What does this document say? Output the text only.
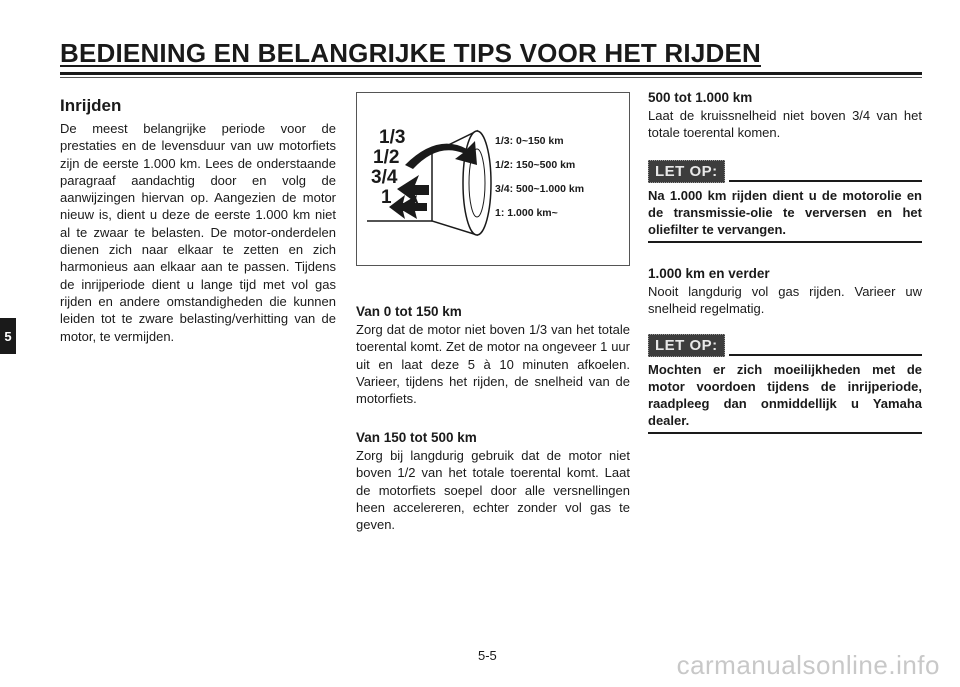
BEDIENING EN BELANGRIJKE TIPS VOOR HET RIJDEN
5
Inrijden

De meest belangrijke periode voor de prestaties en de levensduur van uw motorfiets zijn de eerste 1.000 km. Lees de onderstaande paragraaf aandachtig door en volg de aanwijzingen hiervan op. Aangezien de motor nieuw is, dient u deze de eerste 1.000 km niet al te zwaar te belasten. De motor-onderdelen dienen zich naar elkaar te zetten en zich harmonieus aan elkaar aan te passen. Tijdens de inrijperiode dient u lange tijd met vol gas rijden en andere omstandigheden die kunnen leiden tot te zware belasting/verhitting van de motor, te vermijden.

1/3
1/2
3/4
1
1/3: 0~150 km
1/2: 150~500 km
3/4: 500~1.000 km
1: 1.000 km~
Van 0 tot 150 km

Zorg dat de motor niet boven 1/3 van het totale toerental komt. Zet de motor na ongeveer 1 uur uit en laat deze 5 à 10 minuten afkoelen. Varieer, tijdens het rijden, de snelheid van de motorfiets.

Van 150 tot 500 km

Zorg bij langdurig gebruik dat de motor niet boven 1/2 van het totale toerental komt. Laat de motorfiets soepel door alle versnellingen heen accelereren, echter zonder vol gas te geven.

500 tot 1.000 km

Laat de kruissnelheid niet boven 3/4 van het totale toerental komen.

LET OP:

Na 1.000 km rijden dient u de motorolie en de transmissie-olie te verversen en het oliefilter te vervangen.

1.000 km en verder

Nooit langdurig vol gas rijden. Varieer uw snelheid regelmatig.

LET OP:

Mochten er zich moeilijkheden met de motor voordoen tijdens de inrijperiode, raadpleeg dan onmiddellijk u Yamaha dealer.

5-5	carmanualsonline.info
